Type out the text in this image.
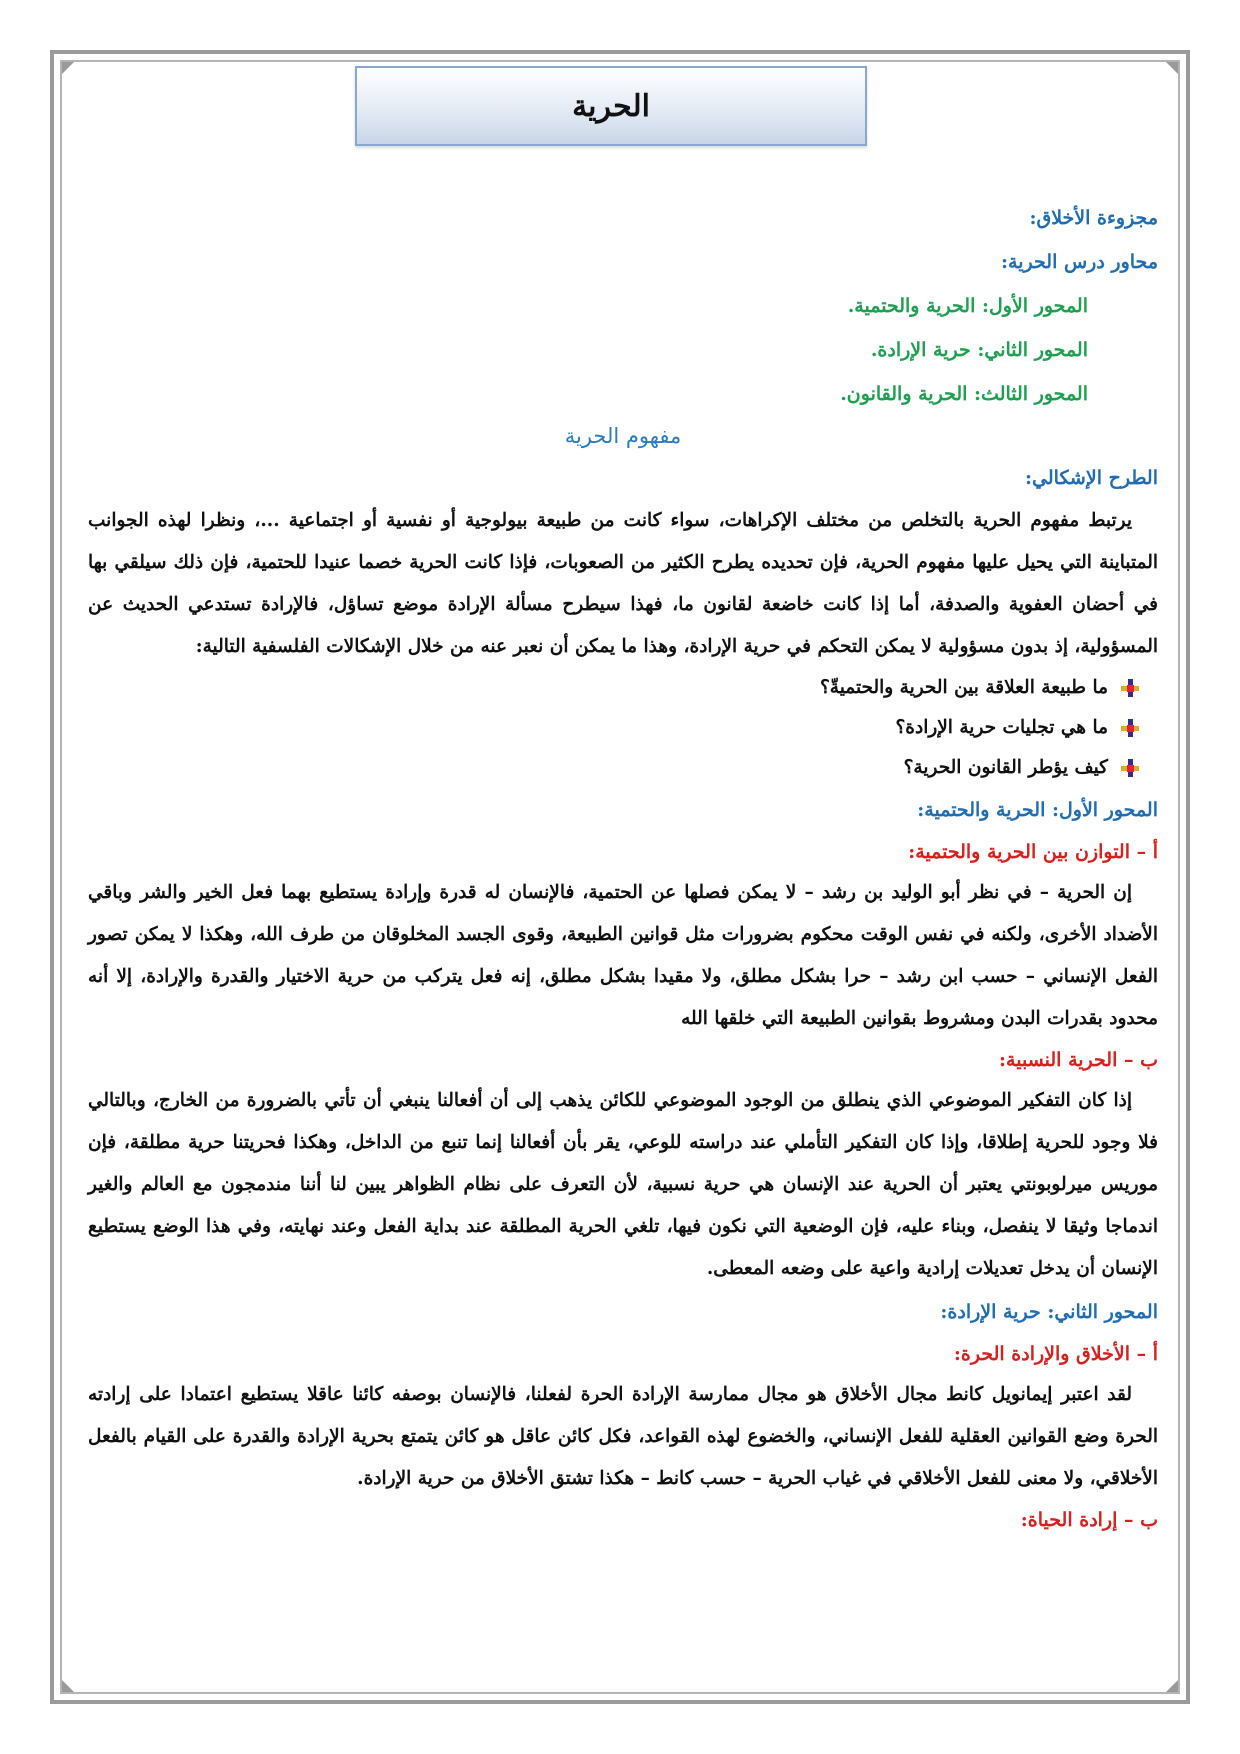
الحرية

مجزوءة الأخلاق:

محاور درس الحرية:

المحور الأول: الحرية والحتمية.

المحور الثاني: حرية الإرادة.

المحور الثالث: الحرية والقانون.

مفهوم الحرية

الطرح الإشكالي:

يرتبط مفهوم الحرية بالتخلص من مختلف الإكراهات، سواء كانت من طبيعة بيولوجية أو نفسية أو اجتماعية ...، ونظرا لهذه الجوانب المتباينة التي يحيل عليها مفهوم الحرية، فإن تحديده يطرح الكثير من الصعوبات، فإذا كانت الحرية خصما عنيدا للحتمية، فإن ذلك سيلقي بها في أحضان العفوية والصدفة، أما إذا كانت خاضعة لقانون ما، فهذا سيطرح مسألة الإرادة موضع تساؤل، فالإرادة تستدعي الحديث عن المسؤولية، إذ بدون مسؤولية لا يمكن التحكم في حرية الإرادة، وهذا ما يمكن أن نعبر عنه من خلال الإشكالات الفلسفية التالية:

ما طبيعة العلاقة بين الحرية والحتميةّ؟
ما هي تجليات حرية الإرادة؟
كيف يؤطر القانون الحرية؟

المحور الأول: الحرية والحتمية:

أ – التوازن بين الحرية والحتمية:

إن الحرية – في نظر أبو الوليد بن رشد – لا يمكن فصلها عن الحتمية، فالإنسان له قدرة وإرادة يستطيع بهما فعل الخير والشر وباقي الأضداد الأخرى، ولكنه في نفس الوقت محكوم بضرورات مثل قوانين الطبيعة، وقوى الجسد المخلوقان من طرف الله، وهكذا لا يمكن تصور الفعل الإنساني – حسب ابن رشد – حرا بشكل مطلق، ولا مقيدا بشكل مطلق، إنه فعل يتركب من حرية الاختيار والقدرة والإرادة، إلا أنه محدود بقدرات البدن ومشروط بقوانين الطبيعة التي خلقها الله

ب – الحرية النسبية:

إذا كان التفكير الموضوعي الذي ينطلق من الوجود الموضوعي للكائن يذهب إلى أن أفعالنا ينبغي أن تأتي بالضرورة من الخارج، وبالتالي فلا وجود للحرية إطلاقا، وإذا كان التفكير التأملي عند دراسته للوعي، يقر بأن أفعالنا إنما تنبع من الداخل، وهكذا فحريتنا حرية مطلقة، فإن موريس ميرلوبونتي يعتبر أن الحرية عند الإنسان هي حرية نسبية، لأن التعرف على نظام الظواهر يبين لنا أننا مندمجون مع العالم والغير اندماجا وثيقا لا ينفصل، وبناء عليه، فإن الوضعية التي نكون فيها، تلغي الحرية المطلقة عند بداية الفعل وعند نهايته، وفي هذا الوضع يستطيع الإنسان أن يدخل تعديلات إرادية واعية على وضعه المعطى.

المحور الثاني: حرية الإرادة:

أ – الأخلاق والإرادة الحرة:

لقد اعتبر إيمانويل كانط مجال الأخلاق هو مجال ممارسة الإرادة الحرة لفعلنا، فالإنسان بوصفه كائنا عاقلا يستطيع اعتمادا على إرادته الحرة وضع القوانين العقلية للفعل الإنساني، والخضوع لهذه القواعد، فكل كائن عاقل هو كائن يتمتع بحرية الإرادة والقدرة على القيام بالفعل الأخلاقي، ولا معنى للفعل الأخلاقي في غياب الحرية – حسب كانط – هكذا تشتق الأخلاق من حرية الإرادة.

ب – إرادة الحياة:
